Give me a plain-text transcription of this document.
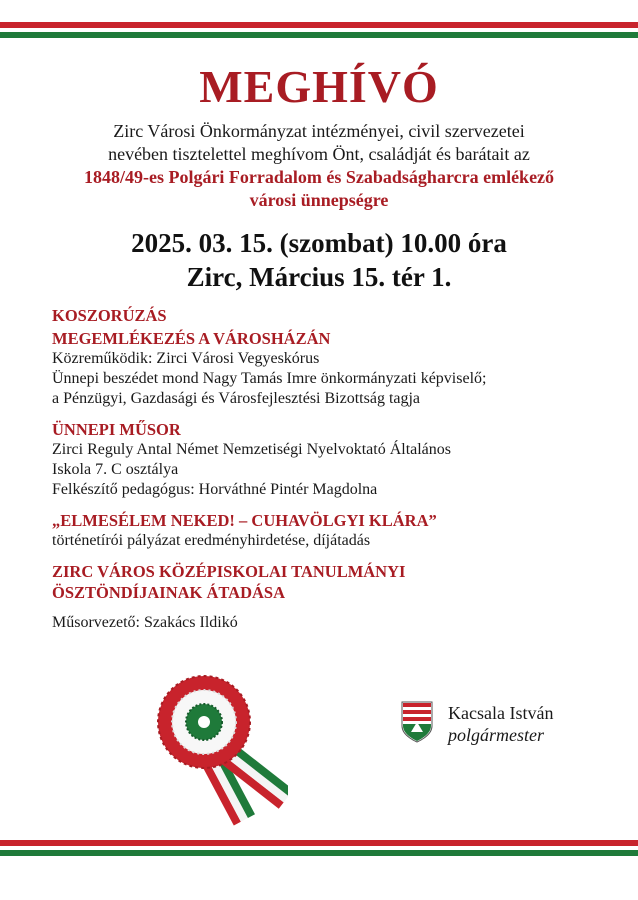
MEGHÍVÓ
Zirc Városi Önkormányzat intézményei, civil szervezetei
nevében tisztelettel meghívom Önt, családját és barátait az
1848/49-es Polgári Forradalom és Szabadságharcra emlékező
városi ünnepségre
2025. 03. 15. (szombat) 10.00 óra
Zirc, Március 15. tér 1.
KOSZORÚZÁS
MEGEMLÉKEZÉS A VÁROSHÁZÁN
Közreműködik: Zirci Városi Vegyeskórus
Ünnepi beszédet mond Nagy Tamás Imre önkormányzati képviselő;
a Pénzügyi, Gazdasági és Városfejlesztési Bizottság tagja
ÜNNEPI MŰSOR
Zirci Reguly Antal Német Nemzetiségi Nyelvoktató Általános
Iskola 7. C osztálya
Felkészítő pedagógus: Horváthné Pintér Magdolna
„ELMESÉLEM NEKED! – CUHAVÖLGYI KLÁRA”
történetírói pályázat eredményhirdetése, díjátadás
ZIRC VÁROS KÖZÉPISKOLAI TANULMÁNYI
ÖSZTÖNDÍJAINAK ÁTADÁSA
Műsorvezető: Szakács Ildikó
Kacsala István
polgármester
